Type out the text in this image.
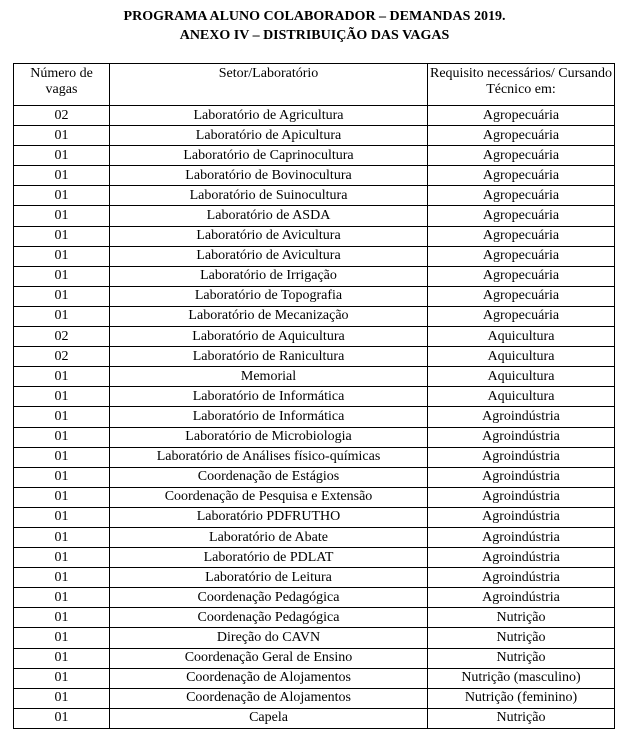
PROGRAMA ALUNO COLABORADOR – DEMANDAS 2019.
ANEXO IV – DISTRIBUIÇÃO DAS VAGAS
Número de vagas	Setor/Laboratório	Requisito necessários/ Cursando Técnico em:
02	Laboratório de Agricultura	Agropecuária
01	Laboratório de Apicultura	Agropecuária
01	Laboratório de Caprinocultura	Agropecuária
01	Laboratório de Bovinocultura	Agropecuária
01	Laboratório de Suinocultura	Agropecuária
01	Laboratório de ASDA	Agropecuária
01	Laboratório de Avicultura	Agropecuária
01	Laboratório de Avicultura	Agropecuária
01	Laboratório de Irrigação	Agropecuária
01	Laboratório de Topografia	Agropecuária
01	Laboratório de Mecanização	Agropecuária
02	Laboratório de Aquicultura	Aquicultura
02	Laboratório de Ranicultura	Aquicultura
01	Memorial	Aquicultura
01	Laboratório de Informática	Aquicultura
01	Laboratório de Informática	Agroindústria
01	Laboratório de Microbiologia	Agroindústria
01	Laboratório de Análises físico-químicas	Agroindústria
01	Coordenação de Estágios	Agroindústria
01	Coordenação de Pesquisa e Extensão	Agroindústria
01	Laboratório PDFRUTHO	Agroindústria
01	Laboratório de Abate	Agroindústria
01	Laboratório de PDLAT	Agroindústria
01	Laboratório de Leitura	Agroindústria
01	Coordenação Pedagógica	Agroindústria
01	Coordenação Pedagógica	Nutrição
01	Direção do CAVN	Nutrição
01	Coordenação Geral de Ensino	Nutrição
01	Coordenação de Alojamentos	Nutrição (masculino)
01	Coordenação de Alojamentos	Nutrição (feminino)
01	Capela	Nutrição
